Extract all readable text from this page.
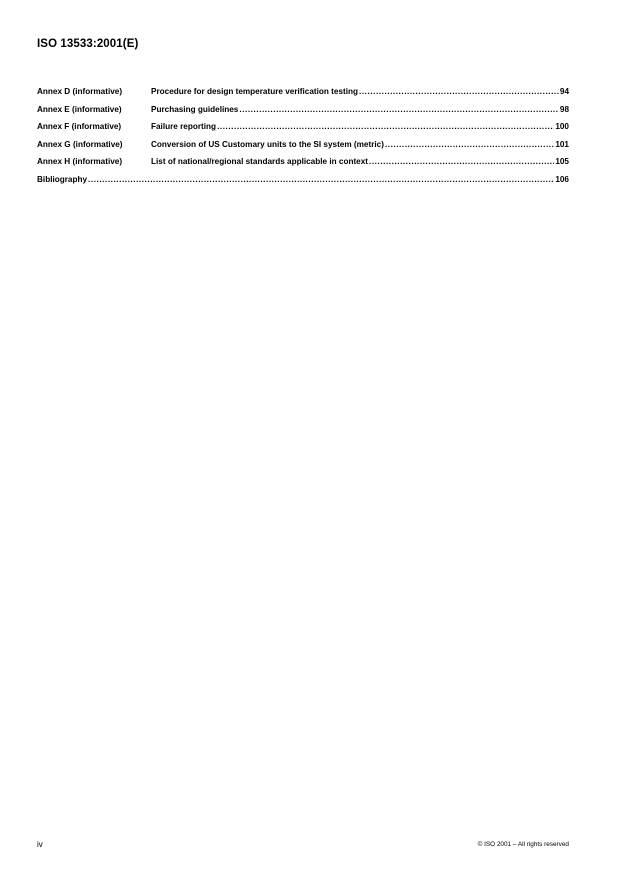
ISO 13533:2001(E)
Annex D (informative)	Procedure for design temperature verification testing .....	94
Annex E (informative)	Purchasing guidelines .....	98
Annex F (informative)	Failure reporting .....	100
Annex G (informative)	Conversion of US Customary units to the SI system (metric) .....	101
Annex H (informative)	List of national/regional standards applicable in context .....	105
Bibliography .....	106
iv	© ISO 2001 – All rights reserved
